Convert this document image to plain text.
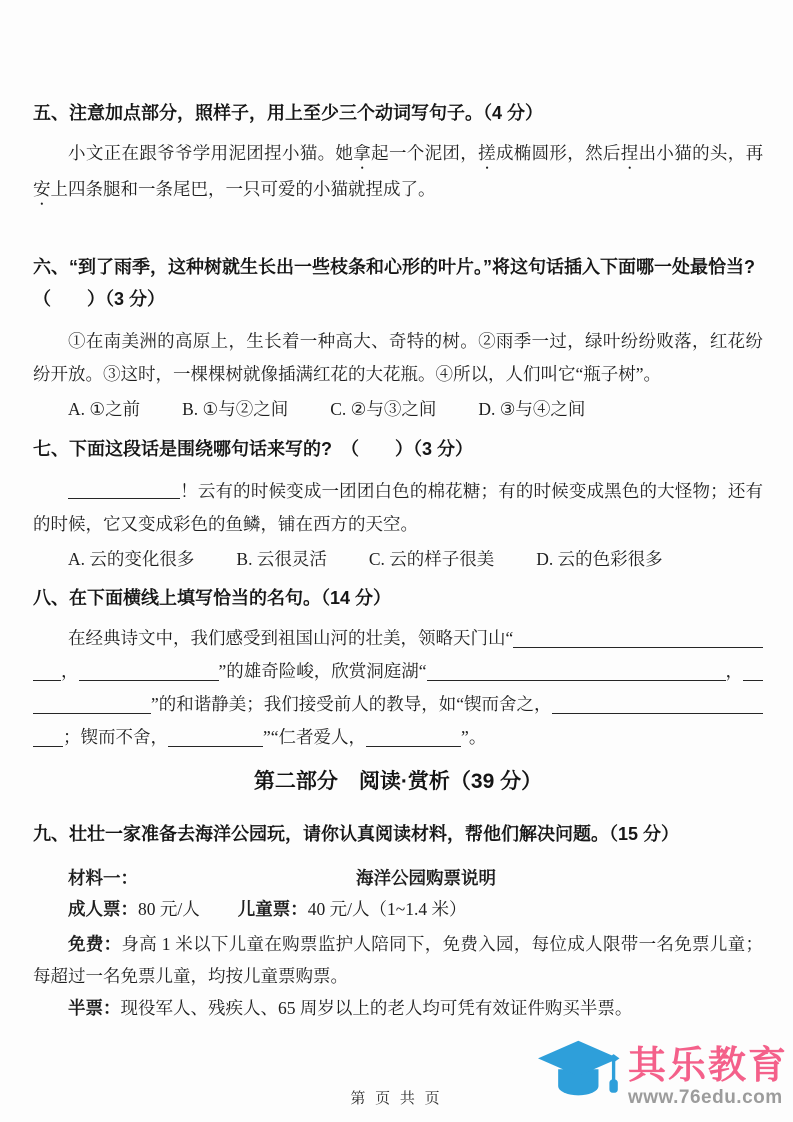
五、注意加点部分，照样子，用上至少三个动词写句子。（4 分）

小文正在跟爷爷学用泥团捏小猫。她拿起一个泥团，搓成椭圆形，然后捏出小猫的头，再安上四条腿和一条尾巴，一只可爱的小猫就捏成了。

六、“到了雨季，这种树就生长出一些枝条和心形的叶片。”将这句话插入下面哪一处最恰当?　（　　）（3 分）

①在南美洲的高原上，生长着一种高大、奇特的树。②雨季一过，绿叶纷纷败落，红花纷纷开放。③这时，一棵棵树就像插满红花的大花瓶。④所以，人们叫它“瓶子树”。

A. ①之前 B. ①与②之间 C. ②与③之间 D. ③与④之间
七、下面这段话是围绕哪句话来写的?　（　　）（3 分）

！云有的时候变成一团团白色的棉花糖；有的时候变成黑色的大怪物；还有的时候，它又变成彩色的鱼鳞，铺在西方的天空。

A. 云的变化很多 B. 云很灵活 C. 云的样子很美 D. 云的色彩很多
八、在下面横线上填写恰当的名句。（14 分）
在经典诗文中，我们感受到祖国山河的壮美，领略天门山“
，	”的雄奇险峻，欣赏洞庭湖“	，
”的和谐静美；我们接受前人的教导，如“锲而舍之，
；锲而不舍，	”“仁者爱人，	”。
第二部分　阅读·赏析（39 分）
九、壮壮一家准备去海洋公园玩，请你认真阅读材料，帮他们解决问题。（15 分）
材料一：	海洋公园购票说明
成人票：80 元/人 儿童票：40 元/人（1~1.4 米）

免费：身高 1 米以下儿童在购票监护人陪同下，免费入园，每位成人限带一名免票儿童；每超过一名免票儿童，均按儿童票购票。

半票：现役军人、残疾人、65 周岁以上的老人均可凭有效证件购买半票。

其乐教育
www.76edu.com
第 页 共 页
